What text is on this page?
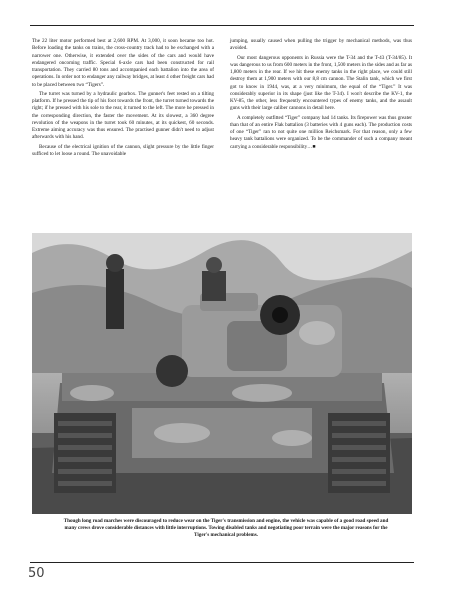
The 22 liter motor performed best at 2,600 RPM. At 3,000, it soon became too hot. Before loading the tanks on trains, the cross-country track had to be exchanged with a narrower one. Otherwise, it extended over the sides of the cars and would have endangered oncoming traffic. Special 6-axle cars had been constructed for rail transportation. They carried 80 tons and accompanied each battalion into the area of operations. In order not to endanger any railway bridges, at least 4 other freight cars had to be placed between two “Tigers”.

The turret was turned by a hydraulic gearbox. The gunner's feet rested on a tilting platform. If he pressed the tip of his foot towards the front, the turret turned towards the right; if he pressed with his sole to the rear, it turned to the left. The more he pressed in the corresponding direction, the faster the movement. At its slowest, a 360 degree revolution of the weapons in the turret took 60 minutes, at its quickest, 60 seconds. Extreme aiming accuracy was thus ensured. The practised gunner didn't need to adjust afterwards with his hand.

Because of the electrical ignition of the cannon, slight pressure by the little finger sufficed to let loose a round. The unavoidable

jumping, usually caused when pulling the trigger by mechanical methods, was thus avoided.

Our most dangerous opponents in Russia were the T-34 and the T-43 (T-34/85). It was dangerous to us from 600 meters in the front, 1,500 meters in the sides and as far as 1,800 meters in the rear. If we hit these enemy tanks in the right place, we could still destroy them at 1,900 meters with our 8,8 cm cannon. The Stalin tank, which we first got to know in 1944, was, at a very minimum, the equal of the “Tiger.” It was considerably superior in its shape (just like the T-34). I won't describe the KV-1, the KV-85, the other, less frequently encountered types of enemy tanks, and the assault guns with their large caliber cannons in detail here.

A completely outfitted “Tiger” company had 14 tanks. Its firepower was thus greater than that of an entire Flak battalion (3 batteries with 4 guns each). The production costs of one “Tiger” ran to not quite one million Reichsmark. For that reason, only a few heavy tank battalions were organized. To be the commander of such a company meant carrying a considerable responsibility…■

Though long road marches were discouraged to reduce wear on the Tiger's transmission and engine, the vehicle was capable of a good road speed and many crews drove considerable distances with little interruptions. Towing disabled tanks and negotiating poor terrain were the major reasons for the Tiger's mechanical problems.
50
